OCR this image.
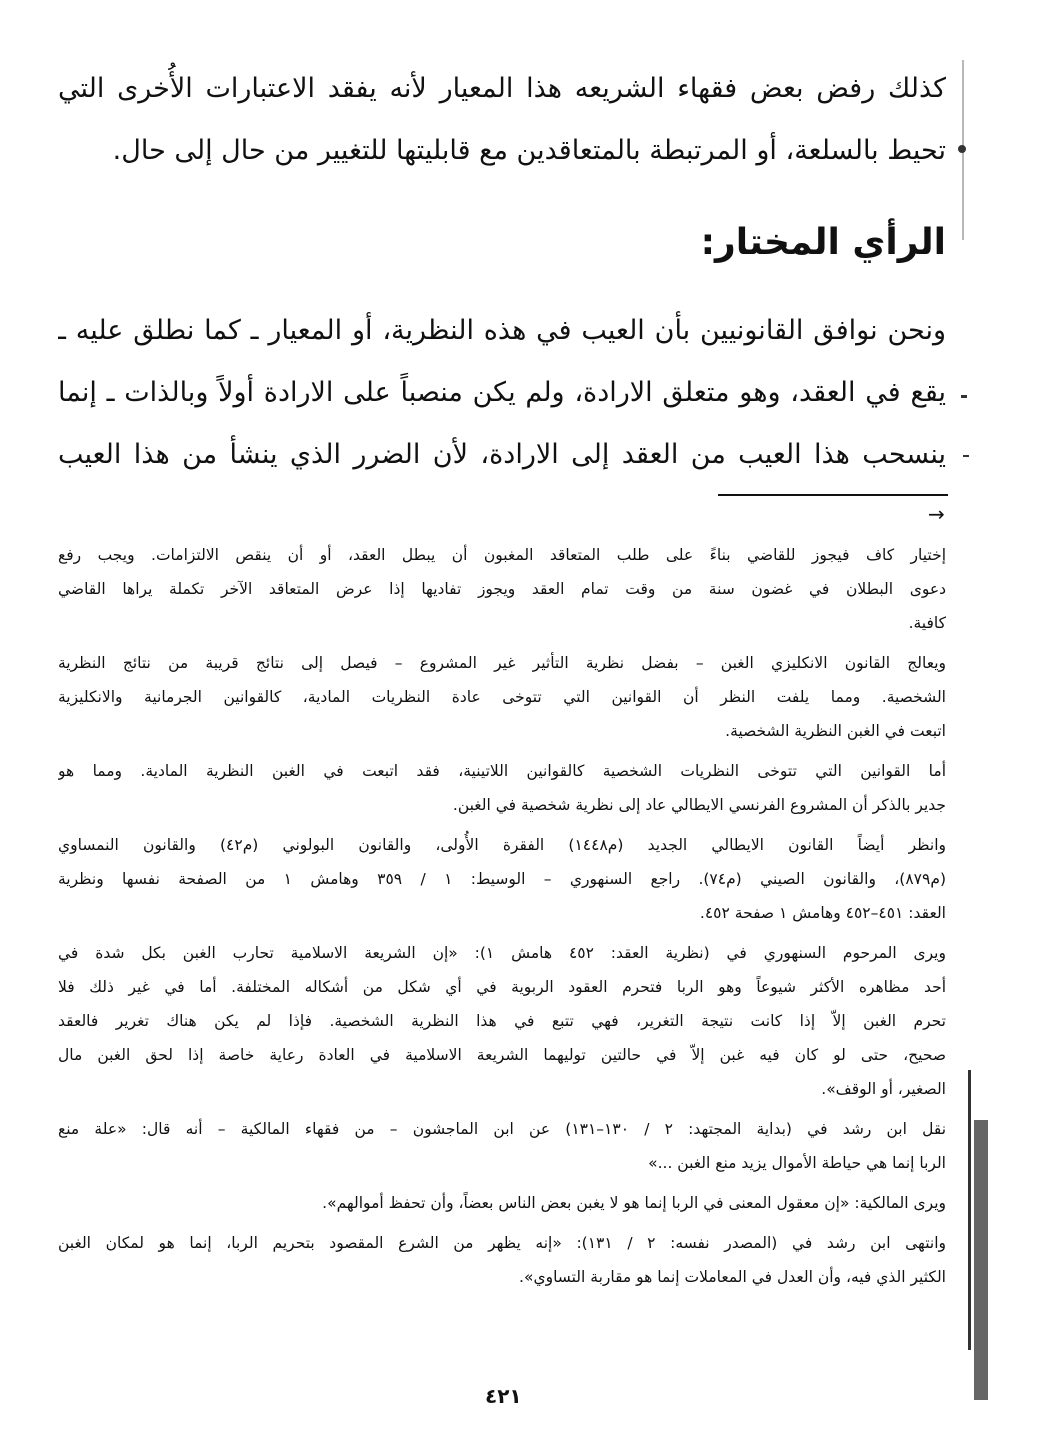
كذلك رفض بعض فقهاء الشريعه هذا المعيار لأنه يفقد الاعتبارات الأُخرى التي
تحيط بالسلعة، أو المرتبطة بالمتعاقدين مع قابليتها للتغيير من حال إلى حال.
الرأي المختار:
ونحن نوافق القانونيين بأن العيب في هذه النظرية، أو المعيار ـ كما نطلق عليه ـ
يقع في العقد، وهو متعلق الارادة، ولم يكن منصباً على الارادة أولاً وبالذات ـ إنما
ينسحب هذا العيب من العقد إلى الارادة، لأن الضرر الذي ينشأ من هذا العيب
→
إختيار كاف فيجوز للقاضي بناءً على طلب المتعاقد المغبون أن يبطل العقد، أو أن ينقص الالتزامات. ويجب رفع
دعوى البطلان في غضون سنة من وقت تمام العقد ويجوز تفاديها إذا عرض المتعاقد الآخر تكملة يراها القاضي
كافية.
ويعالج القانون الانكليزي الغبن – بفضل نظرية التأثير غير المشروع – فيصل إلى نتائج قريبة من نتائج النظرية
الشخصية. ومما يلفت النظر أن القوانين التي تتوخى عادة النظريات المادية، كالقوانين الجرمانية والانكليزية
اتبعت في الغبن النظرية الشخصية.
أما القوانين التي تتوخى النظريات الشخصية كالقوانين اللاتينية، فقد اتبعت في الغبن النظرية المادية. ومما هو
جدير بالذكر أن المشروع الفرنسي الايطالي عاد إلى نظرية شخصية في الغبن.
وانظر أيضاً القانون الايطالي الجديد (م١٤٤٨) الفقرة الأُولى، والقانون البولوني (م٤٢) والقانون النمساوي
(م٨٧٩)، والقانون الصيني (م٧٤). راجع السنهوري – الوسيط: ١ / ٣٥٩ وهامش ١ من الصفحة نفسها ونظرية
العقد: ٤٥١–٤٥٢ وهامش ١ صفحة ٤٥٢.
ويرى المرحوم السنهوري في (نظرية العقد: ٤٥٢ هامش ١): «إن الشريعة الاسلامية تحارب الغبن بكل شدة في
أحد مظاهره الأكثر شيوعاً وهو الربا فتحرم العقود الربوية في أي شكل من أشكاله المختلفة. أما في غير ذلك فلا
تحرم الغبن إلاّ إذا كانت نتيجة التغرير، فهي تتبع في هذا النظرية الشخصية. فإذا لم يكن هناك تغرير فالعقد
صحيح، حتى لو كان فيه غبن إلاّ في حالتين توليهما الشريعة الاسلامية في العادة رعاية خاصة إذا لحق الغبن مال
الصغير، أو الوقف».
نقل ابن رشد في (بداية المجتهد: ٢ / ١٣٠–١٣١) عن ابن الماجشون – من فقهاء المالكية – أنه قال: «علة منع
الربا إنما هي حياطة الأموال يزيد منع الغبن ...»
ويرى المالكية: «إن معقول المعنى في الربا إنما هو لا يغبن بعض الناس بعضاً، وأن تحفظ أموالهم».
وانتهى ابن رشد في (المصدر نفسه: ٢ / ١٣١): «إنه يظهر من الشرع المقصود بتحريم الربا، إنما هو لمكان الغبن
الكثير الذي فيه، وأن العدل في المعاملات إنما هو مقاربة التساوي».
٤٢١
